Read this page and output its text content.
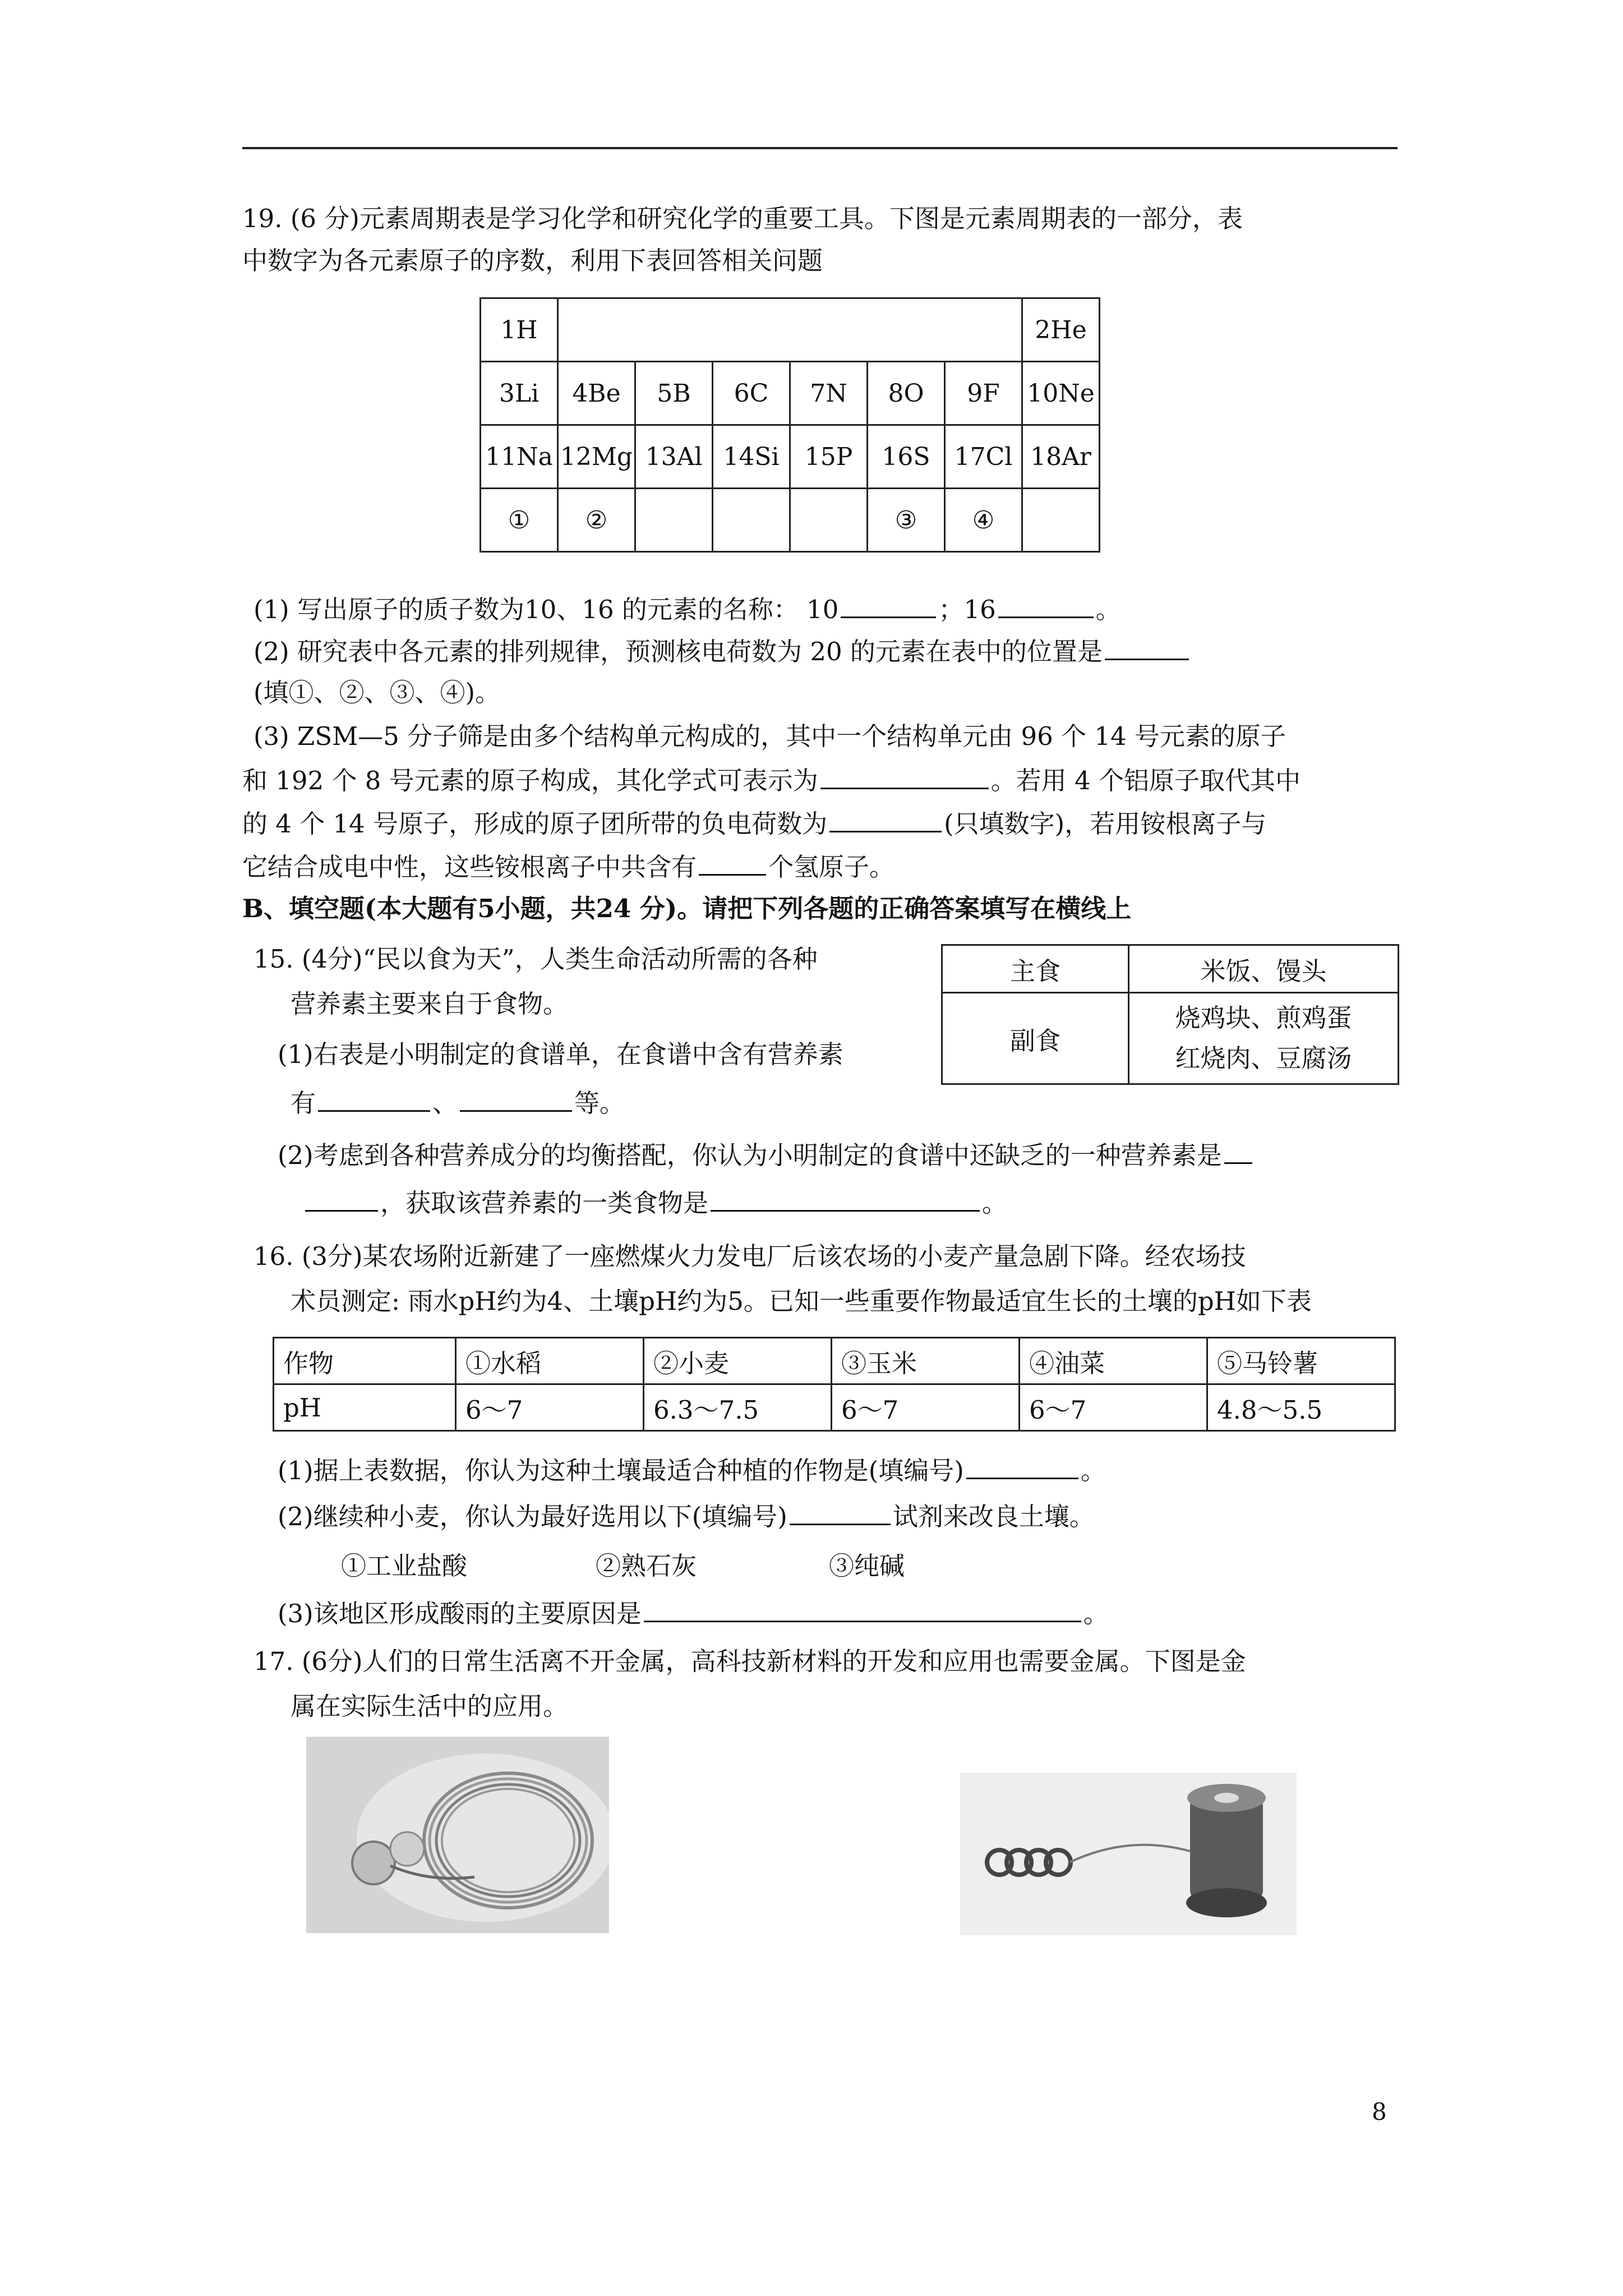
19. (6 分)元素周期表是学习化学和研究化学的重要工具。下图是元素周期表的一部分，表
中数字为各元素原子的序数，利用下表回答相关问题
1H							2He
3Li	4Be	5B	6C	7N	8O	9F	10Ne
11Na	12Mg	13Al	14Si	15P	16S	17Cl	18Ar
①	②				③	④	
(1) 写出原子的质子数为10、16 的元素的名称： 10	；16	。
(2) 研究表中各元素的排列规律，预测核电荷数为 20 的元素在表中的位置是
(填①、②、③、④)。
(3) ZSM—5 分子筛是由多个结构单元构成的，其中一个结构单元由 96 个 14 号元素的原子
和 192 个 8 号元素的原子构成，其化学式可表示为	。若用 4 个铝原子取代其中
的 4 个 14 号原子，形成的原子团所带的负电荷数为	(只填数字)，若用铵根离子与
它结合成电中性，这些铵根离子中共含有	个氢原子。
B、填空题(本大题有5小题，共24 分)。请把下列各题的正确答案填写在横线上
15. (4分)“民以食为天”，人类生命活动所需的各种
营养素主要来自于食物。
(1)右表是小明制定的食谱单，在食谱中含有营养素
有	、	等。
(2)考虑到各种营养成分的均衡搭配，你认为小明制定的食谱中还缺乏的一种营养素是
，获取该营养素的一类食物是	。
主食	米饭、馒头
副食	烧鸡块、煎鸡蛋
红烧肉、豆腐汤
16. (3分)某农场附近新建了一座燃煤火力发电厂后该农场的小麦产量急剧下降。经农场技
术员测定: 雨水pH约为4、土壤pH约为5。已知一些重要作物最适宜生长的土壤的pH如下表
作物	①水稻	②小麦	③玉米	④油菜	⑤马铃薯
pH	6～7	6.3～7.5	6～7	6～7	4.8～5.5
(1)据上表数据，你认为这种土壤最适合种植的作物是(填编号)	。
(2)继续种小麦，你认为最好选用以下(填编号)	试剂来改良土壤。
①工业盐酸	②熟石灰	③纯碱
(3)该地区形成酸雨的主要原因是	。
17. (6分)人们的日常生活离不开金属，高科技新材料的开发和应用也需要金属。下图是金
属在实际生活中的应用。
8
